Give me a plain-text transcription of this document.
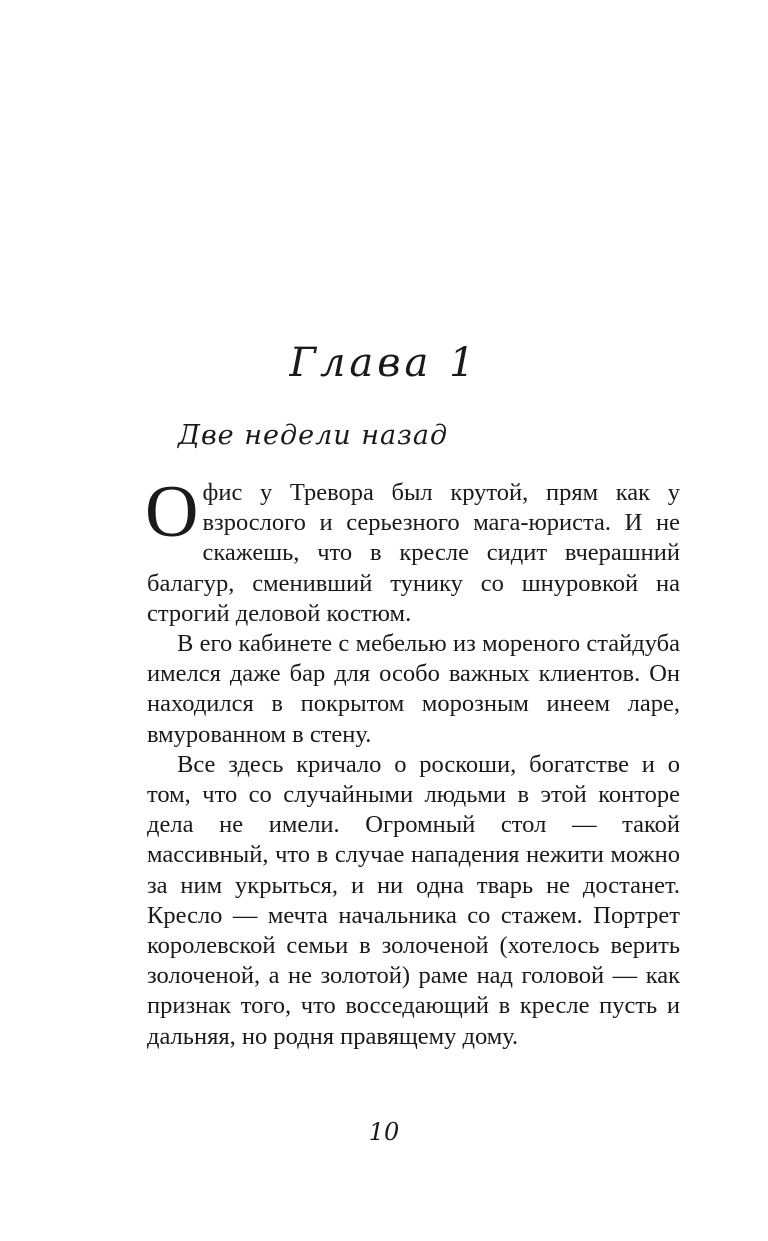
Глава 1
Две недели назад

Офис у Тревора был крутой, прям как у взрослого и серьезного мага-юриста. И не скажешь, что в кресле сидит вчерашний балагур, сменивший тунику со шнуровкой на строгий деловой костюм.

В его кабинете с мебелью из мореного стайдуба имелся даже бар для особо важных клиентов. Он находился в покрытом морозным инеем ларе, вмурованном в стену.

Все здесь кричало о роскоши, богатстве и о том, что со случайными людьми в этой конторе дела не имели. Огромный стол — такой массивный, что в случае нападения нежити можно за ним укрыться, и ни одна тварь не достанет. Кресло — мечта начальника со стажем. Портрет королевской семьи в золоченой (хотелось верить золоченой, а не золотой) раме над головой — как признак того, что восседающий в кресле пусть и дальняя, но родня правящему дому.

10
